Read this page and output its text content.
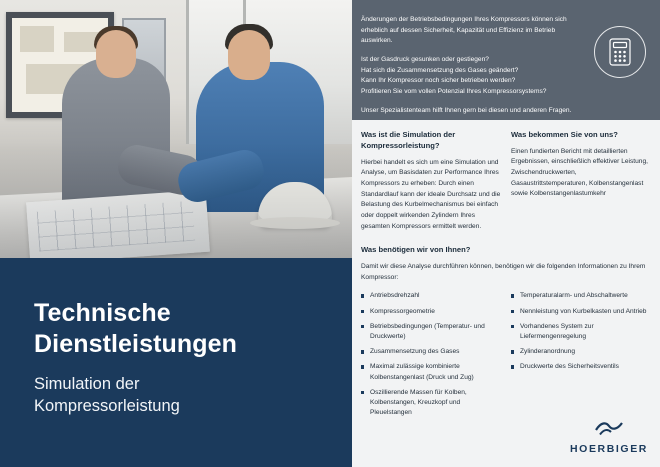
Technische
Dienstleistungen

Simulation der
Kompressorleistung

Änderungen der Betriebsbedingungen Ihres Kompressors können sich erheblich auf dessen Sicherheit, Kapazität und Effizienz im Betrieb auswirken.

Ist der Gasdruck gesunken oder gestiegen?

Hat sich die Zusammensetzung des Gases geändert?

Kann Ihr Kompressor noch sicher betrieben werden?

Profitieren Sie vom vollen Potenzial Ihres Kompressorsystems?

Unser Spezialistenteam hilft Ihnen gern bei diesen und anderen Fragen.

Was ist die Simulation der Kompressorleistung?

Hierbei handelt es sich um eine Simulation und Analyse, um Basisdaten zur Performance Ihres Kompressors zu erheben: Durch einen Standardlauf kann der ideale Durchsatz und die Belastung des Kurbelmechanismus bei einfach oder doppelt wirkenden Zylindern Ihres gesamten Kompressors ermittelt werden.

Was bekommen Sie von uns?

Einen fundierten Bericht mit detaillierten Ergebnissen, einschließlich effektiver Leistung, Zwischendruckwerten, Gasaustrittstemperaturen, Kolbenstangenlast sowie Kolbenstangenlastumkehr

Was benötigen wir von Ihnen?

Damit wir diese Analyse durchführen können, benötigen wir die folgenden Informationen zu Ihrem Kompressor:

Antriebsdrehzahl
Kompressorgeometrie
Betriebsbedingungen (Temperatur- und Druckwerte)
Zusammensetzung des Gases
Maximal zulässige kombinierte Kolbenstangenlast (Druck und Zug)
Oszillierende Massen für Kolben, Kolbenstangen, Kreuzkopf und Pleuelstangen
Temperaturalarm- und Abschaltwerte
Nennleistung von Kurbelkasten und Antrieb
Vorhandenes System zur Liefermengenregelung
Zylinderanordnung
Druckwerte des Sicherheitsventils
HOERBIGER
